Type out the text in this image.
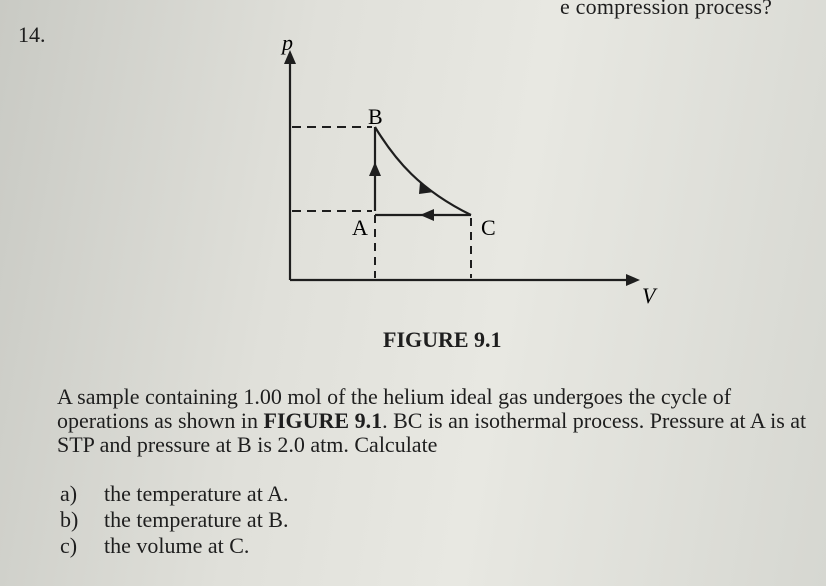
e compression process?
14.	p
V
A
B
C
FIGURE 9.1
A sample containing 1.00 mol of the helium ideal gas undergoes the cycle of operations as shown in FIGURE 9.1. BC is an isothermal process. Pressure at A is at STP and pressure at B is 2.0 atm. Calculate
a)	the temperature at A.
b)	the temperature at B.
c)	the volume at C.
